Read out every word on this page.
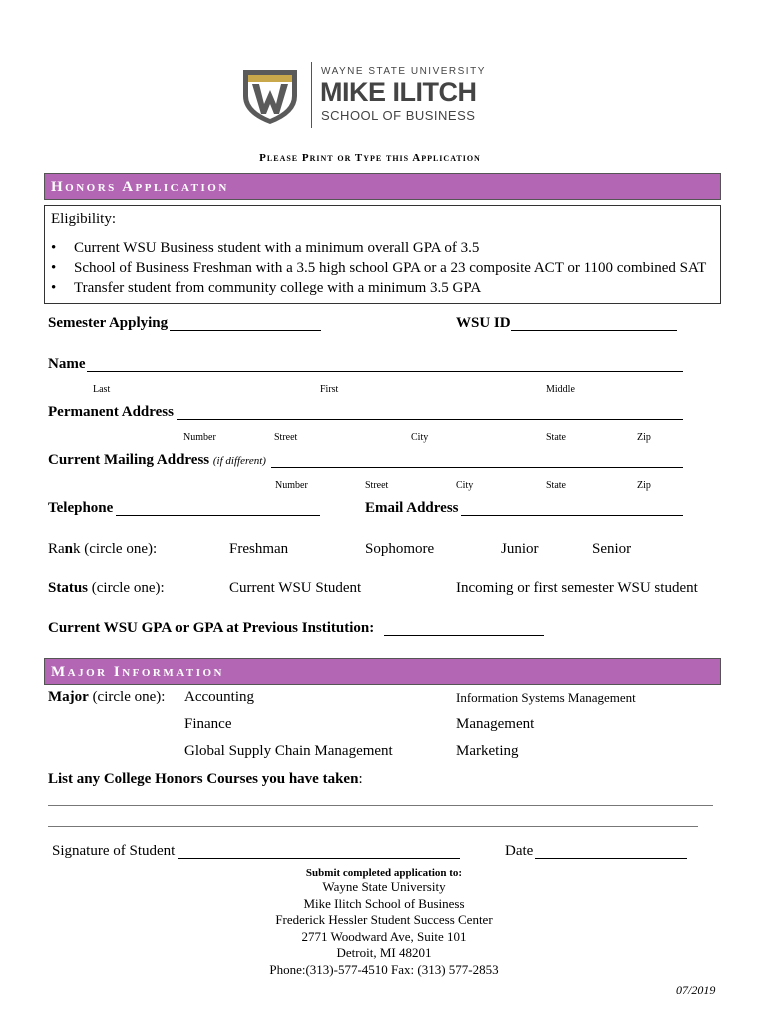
WAYNE STATE UNIVERSITY
MIKE ILITCH
SCHOOL OF BUSINESS
Please Print or Type this Application
Honors Application
Eligibility:
• Current WSU Business student with a minimum overall GPA of 3.5
• School of Business Freshman with a 3.5 high school GPA or a 23 composite ACT or 1100 combined SAT
• Transfer student from community college with a minimum 3.5 GPA
Semester Applying	WSU ID
Name
Last	First	Middle
Permanent Address
Number	Street	City	State	Zip
Current Mailing Address (if different)
Number	Street	City	State	Zip
Telephone	Email Address
Rank (circle one):	Freshman	Sophomore	Junior	Senior
Status (circle one):	Current WSU Student	Incoming or first semester WSU student
Current WSU GPA or GPA at Previous Institution:
Major Information
Major (circle one): Accounting	Information Systems Management
Finance	Management
Global Supply Chain Management	Marketing
List any College Honors Courses you have taken:
Signature of Student	Date
Submit completed application to:
Wayne State University
Mike Ilitch School of Business
Frederick Hessler Student Success Center
2771 Woodward Ave, Suite 101
Detroit, MI 48201
Phone:(313)-577-4510 Fax: (313) 577-2853
07/2019
